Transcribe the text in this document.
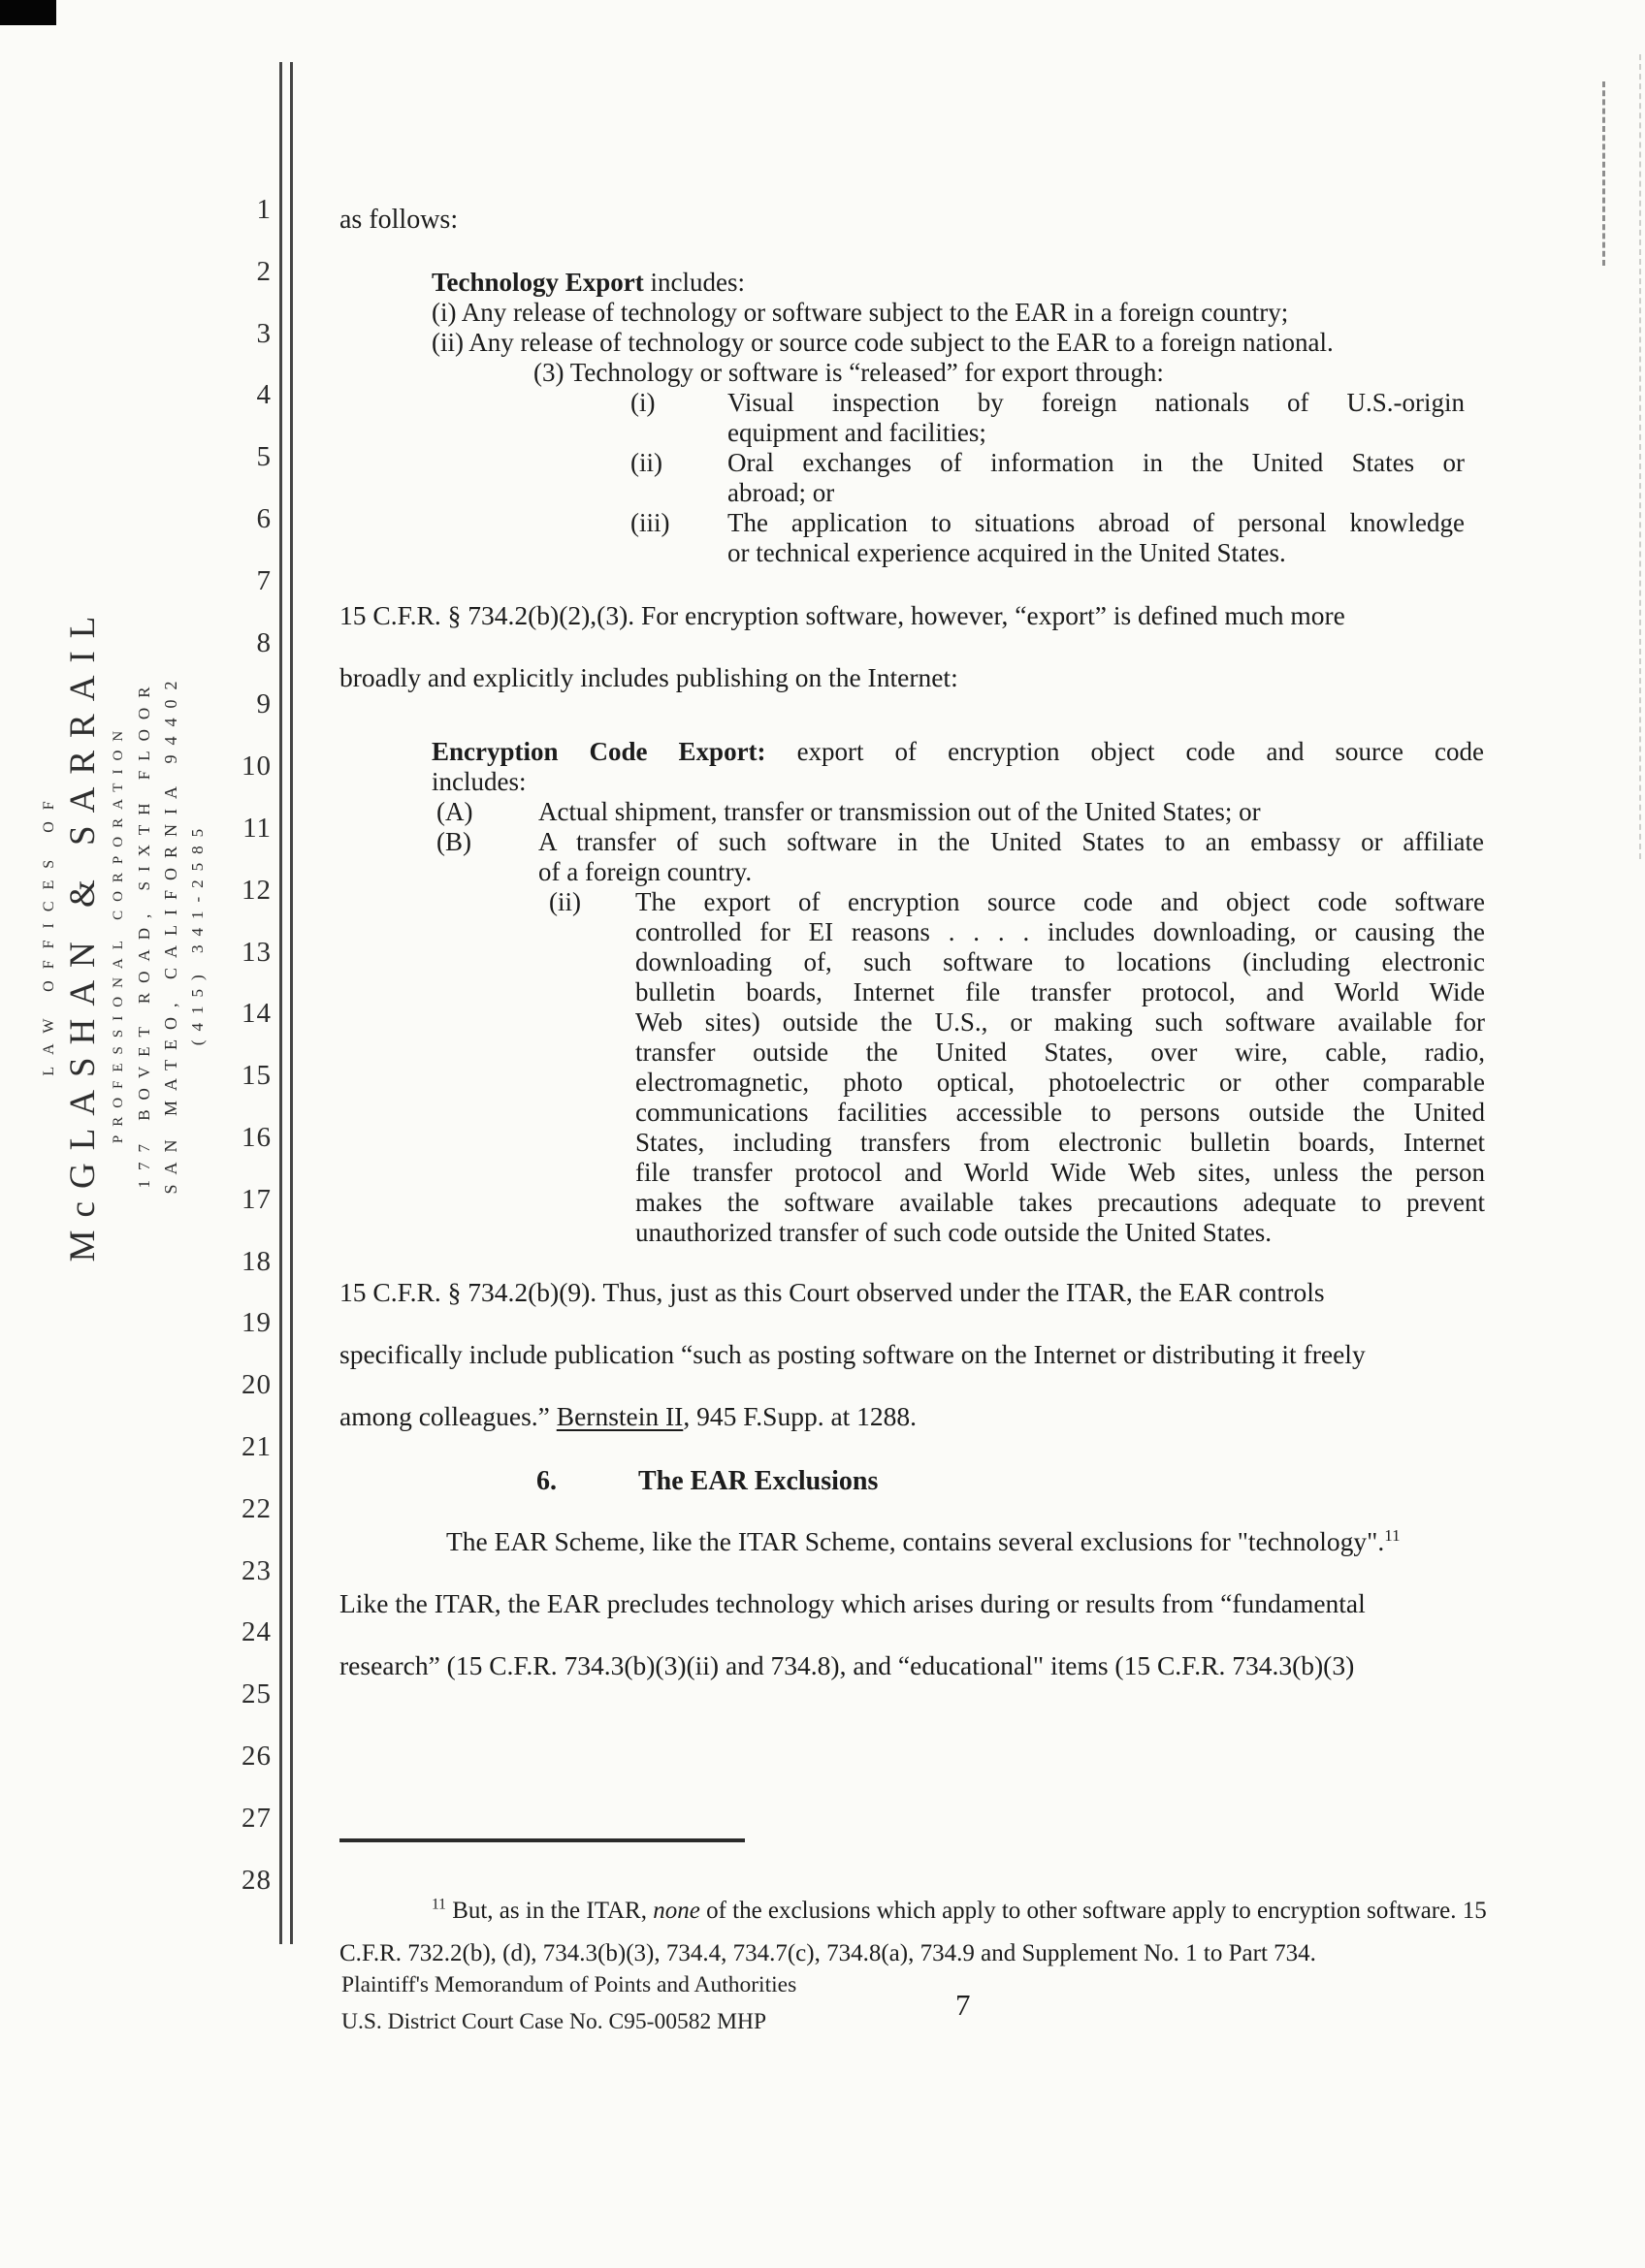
1
2
3
4
5
6
7
8
9
10
11
12
13
14
15
16
17
18
19
20
21
22
23
24
25
26
27
28
LAW OFFICES OF McGLASHAN & SARRAIL PROFESSIONAL CORPORATION 177 BOVET ROAD, SIXTH FLOOR SAN MATEO, CALIFORNIA 94402 (415) 341-2585
as follows:
Technology Export includes:
(i) Any release of technology or software subject to the EAR in a foreign country;
(ii) Any release of technology or source code subject to the EAR to a foreign national.
(3) Technology or software is “released” for export through:
(i)	Visual inspection by foreign nationals of U.S.-origin
equipment and facilities;
(ii)	Oral exchanges of information in the United States or
abroad; or
(iii)	The application to situations abroad of personal knowledge
or technical experience acquired in the United States.
15 C.F.R. § 734.2(b)(2),(3). For encryption software, however, “export” is defined much more
broadly and explicitly includes publishing on the Internet:
Encryption Code Export: export of encryption object code and source code
includes:
(A)	Actual shipment, transfer or transmission out of the United States; or
(B)	A transfer of such software in the United States to an embassy or affiliate
of a foreign country.
(ii)	The export of encryption source code and object code software
controlled for EI reasons . . . . includes downloading, or causing the
downloading of, such software to locations (including electronic
bulletin boards, Internet file transfer protocol, and World Wide
Web sites) outside the U.S., or making such software available for
transfer outside the United States, over wire, cable, radio,
electromagnetic, photo optical, photoelectric or other comparable
communications facilities accessible to persons outside the United
States, including transfers from electronic bulletin boards, Internet
file transfer protocol and World Wide Web sites, unless the person
makes the software available takes precautions adequate to prevent
unauthorized transfer of such code outside the United States.
15 C.F.R. § 734.2(b)(9). Thus, just as this Court observed under the ITAR, the EAR controls
specifically include publication “such as posting software on the Internet or distributing it freely
among colleagues.” Bernstein II, 945 F.Supp. at 1288.
6.	The EAR Exclusions
The EAR Scheme, like the ITAR Scheme, contains several exclusions for "technology".$^{11}$
Like the ITAR, the EAR precludes technology which arises during or results from “fundamental
research” (15 C.F.R. 734.3(b)(3)(ii) and 734.8), and “educational" items (15 C.F.R. 734.3(b)(3)

$^{11}$ But, as in the ITAR, none of the exclusions which apply to other software apply to encryption software. 15 C.F.R. 732.2(b), (d), 734.3(b)(3), 734.4, 734.7(c), 734.8(a), 734.9 and Supplement No. 1 to Part 734.

Plaintiff's Memorandum of Points and Authorities
U.S. District Court Case No. C95-00582 MHP	7
